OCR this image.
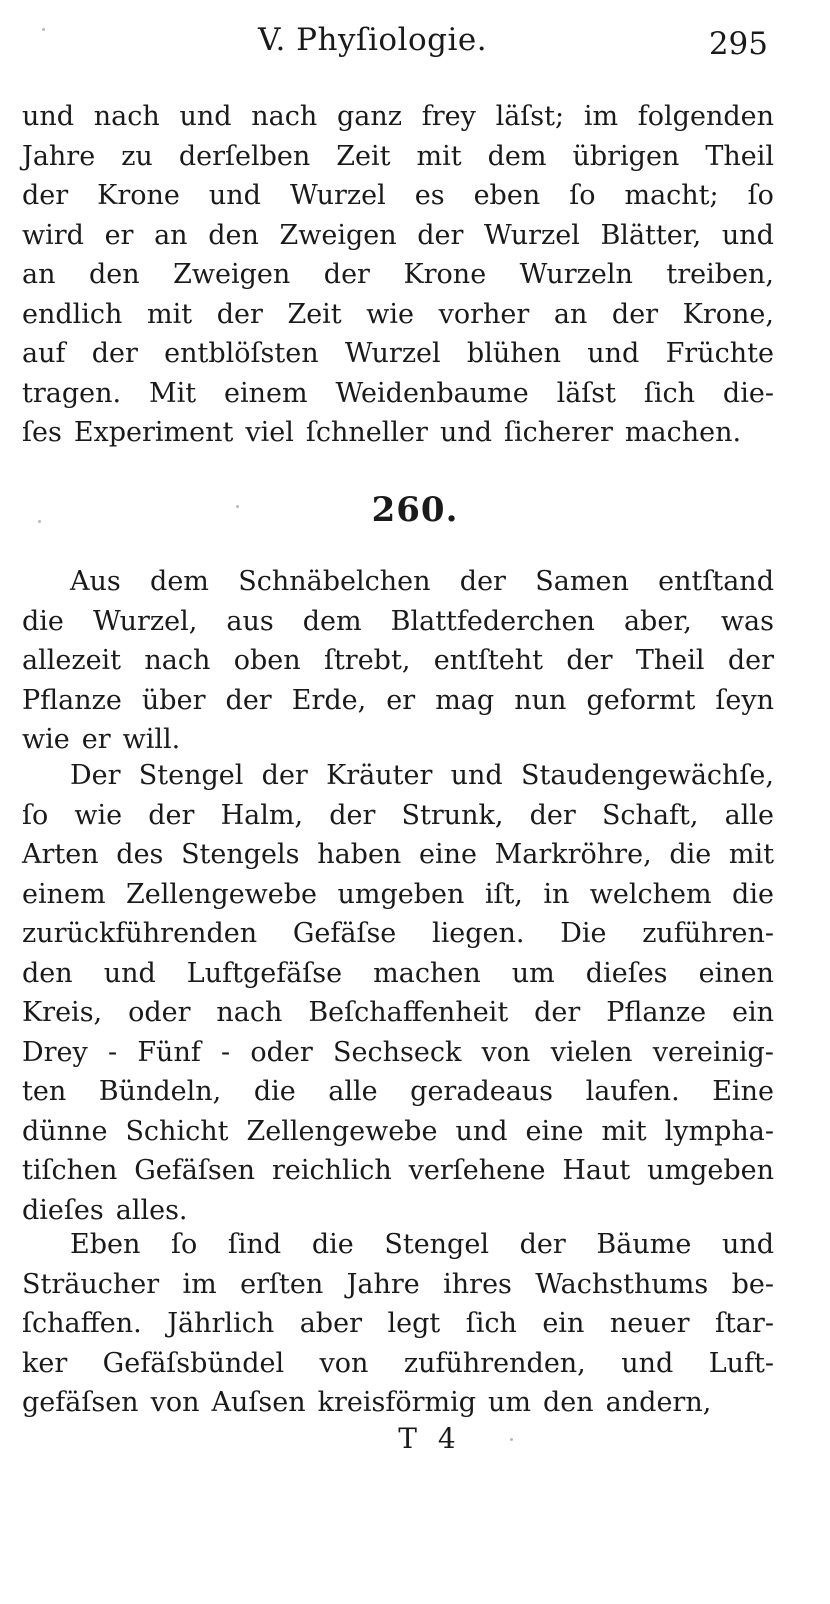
V. Phyſiologie.	295
und nach und nach ganz frey läſst; im folgenden
Jahre zu derſelben Zeit mit dem übrigen Theil
der Krone und Wurzel es eben ſo macht; ſo
wird er an den Zweigen der Wurzel Blätter, und
an den Zweigen der Krone Wurzeln treiben,
endlich mit der Zeit wie vorher an der Krone,
auf der entblöſsten Wurzel blühen und Früchte
tragen. Mit einem Weidenbaume läſst ſich die-
ſes Experiment viel ſchneller und ſicherer machen.
260.
Aus dem Schnäbelchen der Samen entſtand
die Wurzel, aus dem Blattfederchen aber, was
allezeit nach oben ſtrebt, entſteht der Theil der
Pflanze über der Erde, er mag nun geformt ſeyn
wie er will.
Der Stengel der Kräuter und Staudengewächſe,
ſo wie der Halm, der Strunk, der Schaft, alle
Arten des Stengels haben eine Markröhre, die mit
einem Zellengewebe umgeben iſt, in welchem die
zurückführenden Gefäſse liegen. Die zuführen-
den und Luftgefäſse machen um dieſes einen
Kreis, oder nach Beſchaffenheit der Pflanze ein
Drey - Fünf - oder Sechseck von vielen vereinig-
ten Bündeln, die alle geradeaus laufen. Eine
dünne Schicht Zellengewebe und eine mit lympha-
tiſchen Gefäſsen reichlich verſehene Haut umgeben
dieſes alles.
Eben ſo ſind die Stengel der Bäume und
Sträucher im erſten Jahre ihres Wachsthums be-
ſchaffen. Jährlich aber legt ſich ein neuer ſtar-
ker Gefäſsbündel von zuführenden, und Luft-
gefäſsen von Auſsen kreisförmig um den andern,
T 4
